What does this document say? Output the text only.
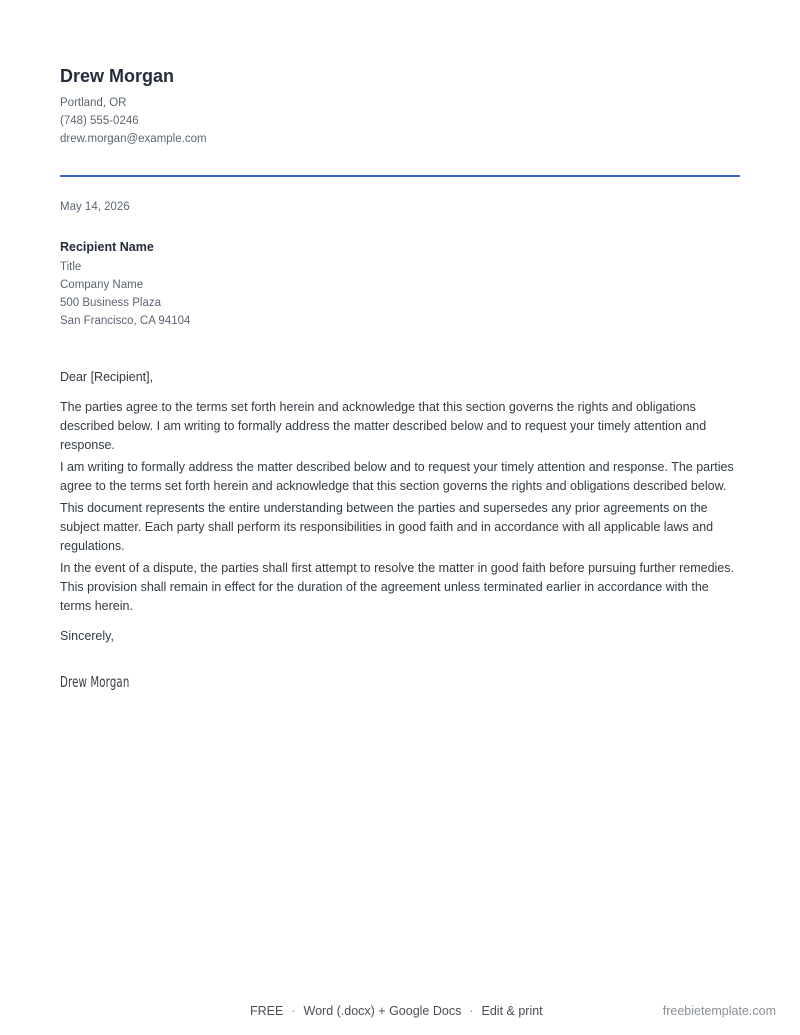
Drew Morgan
Portland, OR
(748) 555-0246
drew.morgan@example.com
May 14, 2026
Recipient Name
Title
Company Name
500 Business Plaza
San Francisco, CA 94104
Dear [Recipient],

The parties agree to the terms set forth herein and acknowledge that this section governs the rights and obligations described below. I am writing to formally address the matter described below and to request your timely attention and response.

I am writing to formally address the matter described below and to request your timely attention and response. The parties agree to the terms set forth herein and acknowledge that this section governs the rights and obligations described below.

This document represents the entire understanding between the parties and supersedes any prior agreements on the subject matter. Each party shall perform its responsibilities in good faith and in accordance with all applicable laws and regulations.

In the event of a dispute, the parties shall first attempt to resolve the matter in good faith before pursuing further remedies. This provision shall remain in effect for the duration of the agreement unless terminated earlier in accordance with the terms herein.

Sincerely,
Drew Morgan
FREE · Word (.docx) + Google Docs · Edit & print	freebietemplate.com
